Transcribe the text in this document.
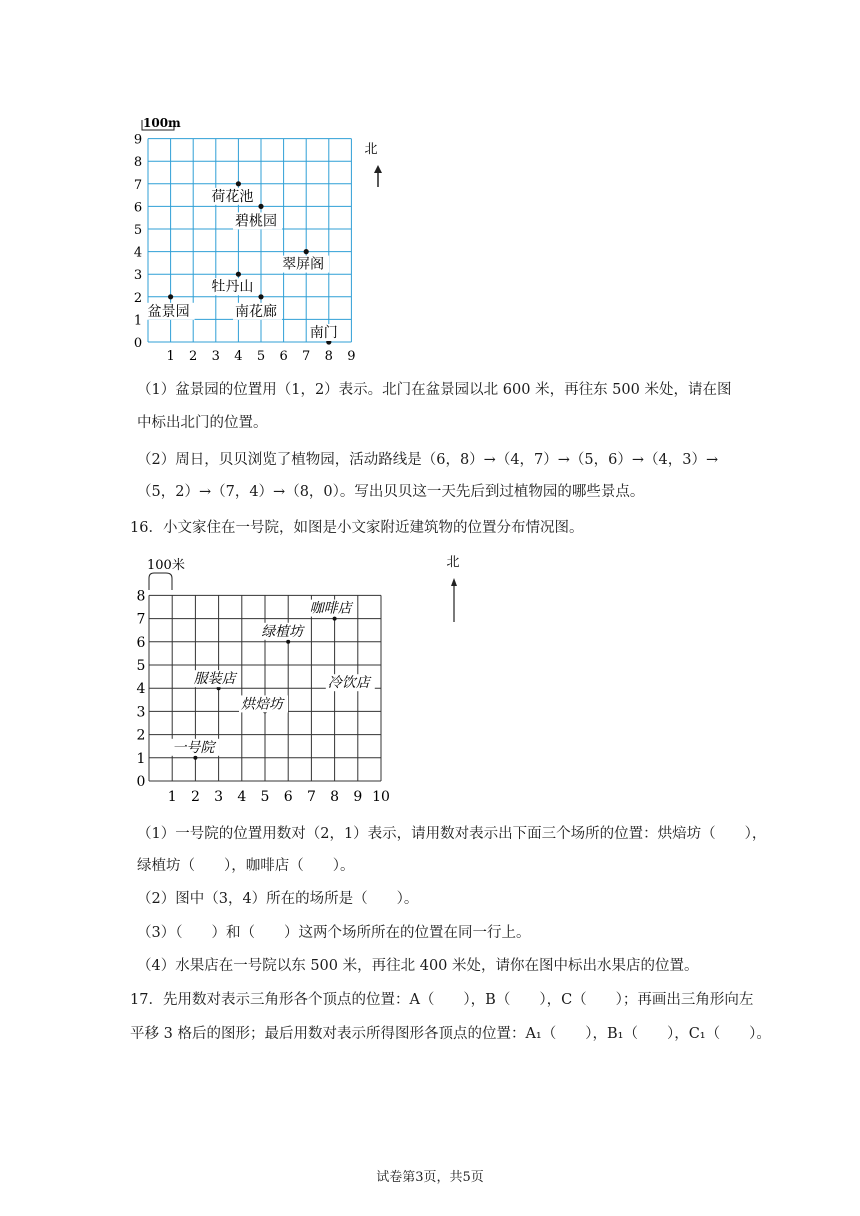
100m
0
1
2
3
4
5
6
7
8
9
1 2 3 4 5 6 7 8 9
荷花池
碧桃园
翠屏阁
牡丹山
盆景园	南花廊
南门
北
（1）盆景园的位置用（1，2）表示。北门在盆景园以北 600 米，再往东 500 米处，请在图
中标出北门的位置。
（2）周日，贝贝浏览了植物园，活动路线是（6，8）→（4，7）→（5，6）→（4，3）→
（5，2）→（7，4）→（8，0）。写出贝贝这一天先后到过植物园的哪些景点。
16．小文家住在一号院，如图是小文家附近建筑物的位置分布情况图。
100米
0
1
2
3
4
5
6
7
8
1 2 3 4 5 6 7 8 9 10
咖啡店
绿植坊
冷饮店
服装店
烘焙坊
一号院
北
（1）一号院的位置用数对（2，1）表示，请用数对表示出下面三个场所的位置：烘焙坊（　　），
绿植坊（　　），咖啡店（　　）。
（2）图中（3，4）所在的场所是（　　）。
（3）（　　）和（　　）这两个场所所在的位置在同一行上。
（4）水果店在一号院以东 500 米，再往北 400 米处，请你在图中标出水果店的位置。
17．先用数对表示三角形各个顶点的位置：A（　　），B（　　），C（　　）；再画出三角形向左
平移 3 格后的图形；最后用数对表示所得图形各顶点的位置：A₁（　　），B₁（　　），C₁（　　）。
试卷第3页，共5页
